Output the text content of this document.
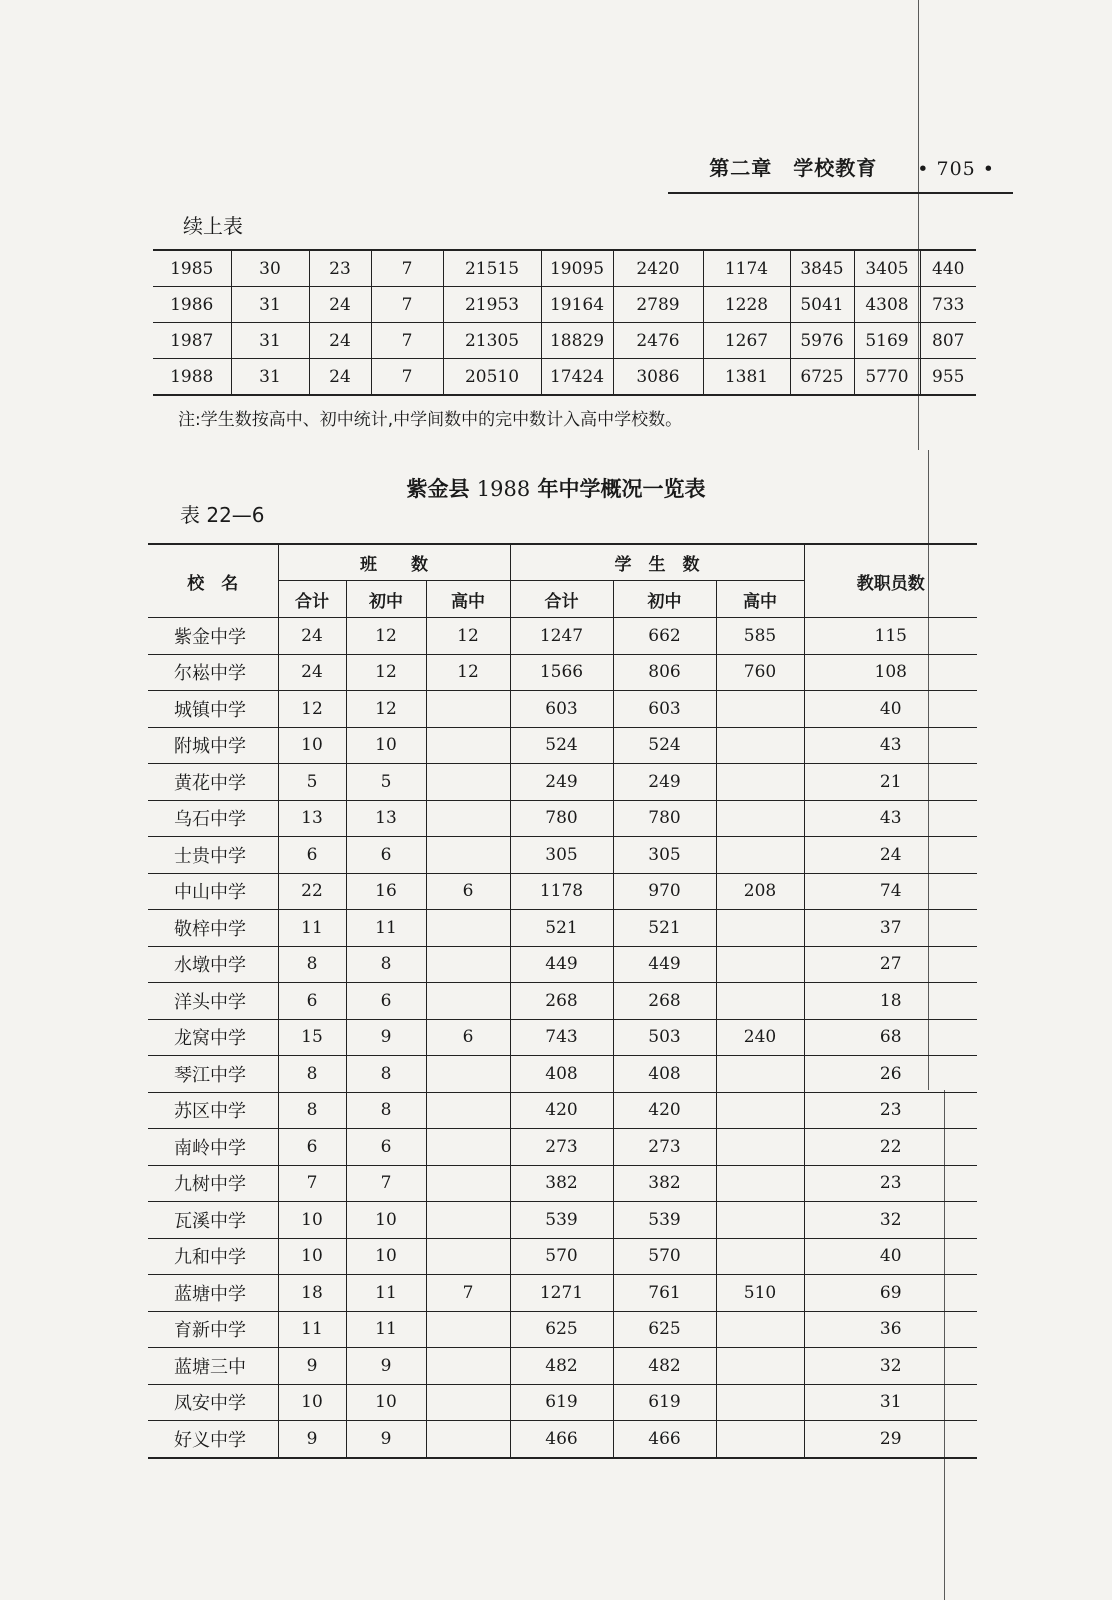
第二章　学校教育 • 705 •
续上表
1985	30	23	7	21515	19095	2420	1174	3845	3405	440
1986	31	24	7	21953	19164	2789	1228	5041	4308	733
1987	31	24	7	21305	18829	2476	1267	5976	5169	807
1988	31	24	7	20510	17424	3086	1381	6725	5770	955
注:学生数按高中、初中统计,中学间数中的完中数计入高中学校数。
紫金县 1988 年中学概况一览表
表 22—6
校　名	班　　数			学　生　数			教职员数
	合计	初中	高中	合计	初中	高中	
紫金中学	24	12	12	1247	662	585	115
尔崧中学	24	12	12	1566	806	760	108
城镇中学	12	12		603	603		40
附城中学	10	10		524	524		43
黄花中学	5	5		249	249		21
乌石中学	13	13		780	780		43
士贵中学	6	6		305	305		24
中山中学	22	16	6	1178	970	208	74
敬梓中学	11	11		521	521		37
水墩中学	8	8		449	449		27
洋头中学	6	6		268	268		18
龙窝中学	15	9	6	743	503	240	68
琴江中学	8	8		408	408		26
苏区中学	8	8		420	420		23
南岭中学	6	6		273	273		22
九树中学	7	7		382	382		23
瓦溪中学	10	10		539	539		32
九和中学	10	10		570	570		40
蓝塘中学	18	11	7	1271	761	510	69
育新中学	11	11		625	625		36
蓝塘三中	9	9		482	482		32
凤安中学	10	10		619	619		31
好义中学	9	9		466	466		29
